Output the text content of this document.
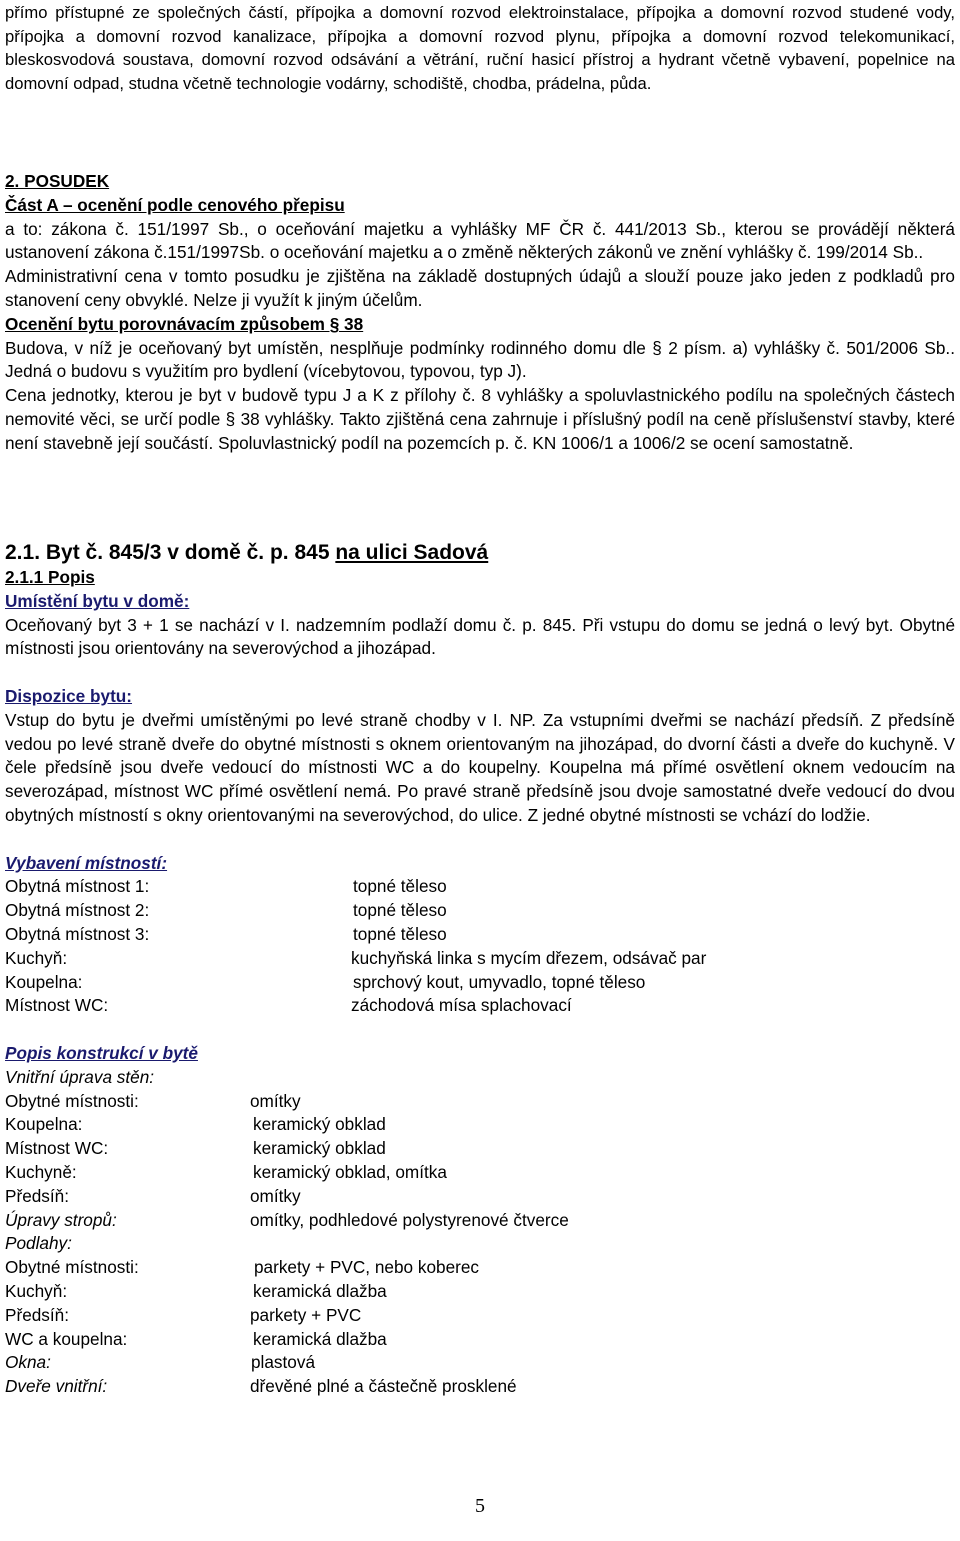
přímo přístupné ze společných částí, přípojka a domovní rozvod elektroinstalace, přípojka a domovní rozvod studené vody, přípojka a domovní rozvod kanalizace, přípojka a domovní rozvod plynu, přípojka a domovní rozvod telekomunikací, bleskosvodová soustava, domovní rozvod odsávání a větrání, ruční hasicí přístroj a hydrant včetně vybavení, popelnice na domovní odpad, studna včetně technologie vodárny, schodiště, chodba, prádelna, půda.

2. POSUDEK
Část A – ocenění podle cenového přepisu

a to: zákona č. 151/1997 Sb., o oceňování majetku a vyhlášky MF ČR č. 441/2013 Sb., kterou se provádějí některá ustanovení zákona č.151/1997Sb. o oceňování majetku a o změně některých zákonů ve znění vyhlášky č. 199/2014 Sb..

Administrativní cena v tomto posudku je zjištěna na základě dostupných údajů a slouží pouze jako jeden z podkladů pro stanovení ceny obvyklé. Nelze ji využít k jiným účelům.

Ocenění bytu porovnávacím způsobem § 38

Budova, v níž je oceňovaný byt umístěn, nesplňuje podmínky rodinného domu dle § 2 písm. a) vyhlášky č. 501/2006 Sb.. Jedná o budovu s využitím pro bydlení (vícebytovou, typovou, typ J).

Cena jednotky, kterou je byt v budově typu J a K z přílohy č. 8 vyhlášky a spoluvlastnického podílu na společných částech nemovité věci, se určí podle § 38 vyhlášky. Takto zjištěná cena zahrnuje i příslušný podíl na ceně příslušenství stavby, které není stavebně její součástí. Spoluvlastnický podíl na pozemcích p. č. KN 1006/1 a 1006/2 se ocení samostatně.

2.1. Byt č. 845/3 v domě č. p. 845 na ulici Sadová
2.1.1 Popis
Umístění bytu v domě:

Oceňovaný byt 3 + 1 se nachází v I. nadzemním podlaží domu č. p. 845. Při vstupu do domu se jedná o levý byt. Obytné místnosti jsou orientovány na severovýchod a jihozápad.

Dispozice bytu:

Vstup do bytu je dveřmi umístěnými po levé straně chodby v I. NP. Za vstupními dveřmi se nachází předsíň. Z předsíně vedou po levé straně dveře do obytné místnosti s oknem orientovaným na jihozápad, do dvorní části a dveře do kuchyně. V čele předsíně jsou dveře vedoucí do místnosti WC a do koupelny. Koupelna má přímé osvětlení oknem vedoucím na severozápad, místnost WC přímé osvětlení nemá. Po pravé straně předsíně jsou dvoje samostatné dveře vedoucí do dvou obytných místností s okny orientovanými na severovýchod, do ulice. Z jedné obytné místnosti se vchází do lodžie.

Vybavení místností:
Obytná místnost 1:	topné těleso
Obytná místnost 2:	topné těleso
Obytná místnost 3:	topné těleso
Kuchyň:	kuchyňská linka s mycím dřezem, odsávač par
Koupelna:	sprchový kout, umyvadlo, topné těleso
Místnost WC:	záchodová mísa splachovací
Popis konstrukcí v bytě
Vnitřní úprava stěn:
Obytné místnosti:	omítky
Koupelna:	keramický obklad
Místnost WC:	keramický obklad
Kuchyně:	keramický obklad, omítka
Předsíň:	omítky
Úpravy stropů:	omítky, podhledové polystyrenové čtverce
Podlahy:
Obytné místnosti:	parkety + PVC, nebo koberec
Kuchyň:	keramická dlažba
Předsíň:	parkety + PVC
WC a koupelna:	keramická dlažba
Okna:	plastová
Dveře vnitřní:	dřevěné plné a částečně prosklené
5
